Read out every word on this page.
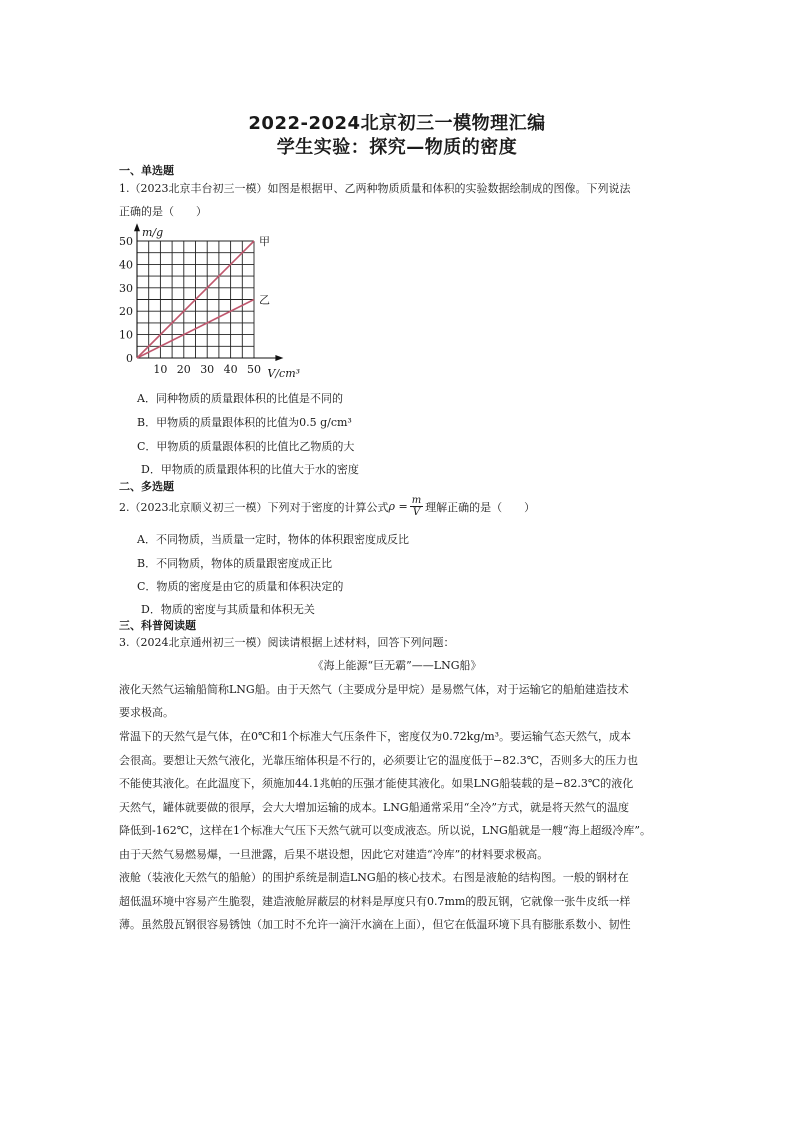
2022-2024北京初三一模物理汇编
学生实验：探究—物质的密度
一、单选题
1.（2023北京丰台初三一模）如图是根据甲、乙两种物质质量和体积的实验数据绘制成的图像。下列说法
正确的是（　　）
0
10
20
30
40
50
10 20 30 40 50
m/g
V/cm³
甲
乙
A．同种物质的质量跟体积的比值是不同的
B．甲物质的质量跟体积的比值为0.5 g/cm³
C．甲物质的质量跟体积的比值比乙物质的大
D．甲物质的质量跟体积的比值大于水的密度
二、多选题
2.（2023北京顺义初三一模）下列对于密度的计算公式 $\rho = \frac{m}{V}$ 理解正确的是（　　）
A．不同物质，当质量一定时，物体的体积跟密度成反比
B．不同物质，物体的质量跟密度成正比
C．物质的密度是由它的质量和体积决定的
D．物质的密度与其质量和体积无关
三、科普阅读题
3.（2024北京通州初三一模）阅读请根据上述材料，回答下列问题：
《海上能源“巨无霸”——LNG船》
液化天然气运输船简称LNG船。由于天然气（主要成分是甲烷）是易燃气体，对于运输它的船舶建造技术
要求极高。
常温下的天然气是气体，在0℃和1个标准大气压条件下，密度仅为0.72kg/m³。要运输气态天然气，成本
会很高。要想让天然气液化，光靠压缩体积是不行的，必须要让它的温度低于−82.3℃，否则多大的压力也
不能使其液化。在此温度下，须施加44.1兆帕的压强才能使其液化。如果LNG船装载的是−82.3℃的液化
天然气，罐体就要做的很厚，会大大增加运输的成本。LNG船通常采用“全冷”方式，就是将天然气的温度
降低到-162℃，这样在1个标准大气压下天然气就可以变成液态。所以说，LNG船就是一艘“海上超级冷库”。
由于天然气易燃易爆，一旦泄露，后果不堪设想，因此它对建造“冷库”的材料要求极高。
液舱（装液化天然气的船舱）的围护系统是制造LNG船的核心技术。右图是液舱的结构图。一般的钢材在
超低温环境中容易产生脆裂，建造液舱屏蔽层的材料是厚度只有0.7mm的殷瓦钢，它就像一张牛皮纸一样
薄。虽然殷瓦钢很容易锈蚀（加工时不允许一滴汗水滴在上面），但它在低温环境下具有膨胀系数小、韧性
